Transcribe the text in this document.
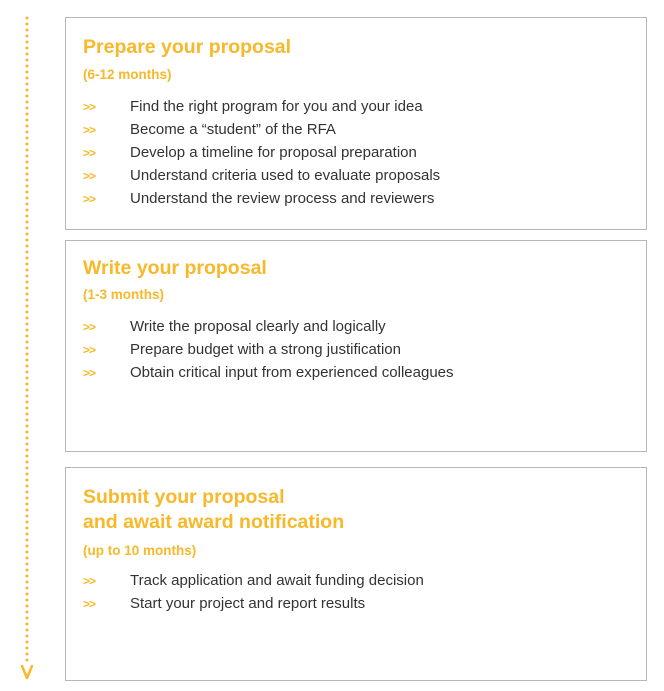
Prepare your proposal

(6-12 months)

>> Find the right program for you and your idea
>> Become a “student” of the RFA
>> Develop a timeline for proposal preparation
>> Understand criteria used to evaluate proposals
>> Understand the review process and reviewers
Write your proposal

(1-3 months)

>> Write the proposal clearly and logically
>> Prepare budget with a strong justification
>> Obtain critical input from experienced colleagues
Submit your proposal
and await award notification

(up to 10 months)

>> Track application and await funding decision
>> Start your project and report results
